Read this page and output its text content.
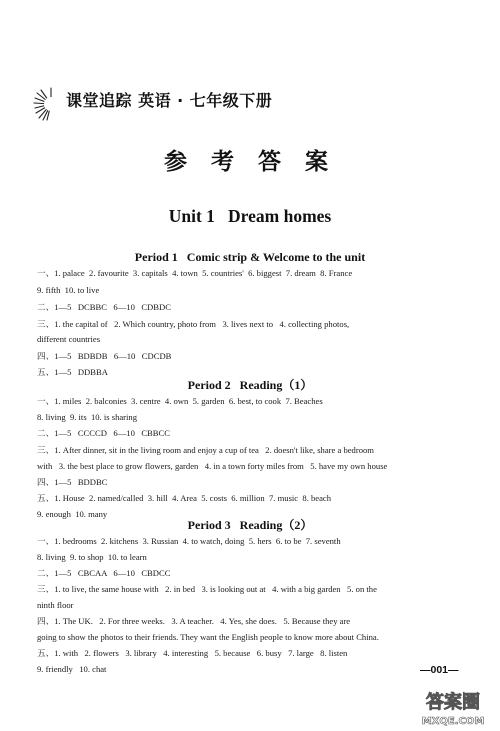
课堂追踪 英语 · 七年级下册
参 考 答 案
Unit 1   Dream homes
Period 1   Comic strip & Welcome to the unit
一、1. palace  2. favourite  3. capitals  4. town  5. countries'  6. biggest  7. dream  8. France
9. fifth  10. to live
二、1—5   DCBBC   6—10   CDBDC
三、1. the capital of   2. Which country, photo from   3. lives next to   4. collecting photos,
different countries
四、1—5   BDBDB   6—10   CDCDB
五、1—5   DDBBA
Period 2   Reading（1）
一、1. miles  2. balconies  3. centre  4. own  5. garden  6. best, to cook  7. Beaches
8. living  9. its  10. is sharing
二、1—5   CCCCD   6—10   CBBCC
三、1. After dinner, sit in the living room and enjoy a cup of tea   2. doesn't like, share a bedroom
with   3. the best place to grow flowers, garden   4. in a town forty miles from   5. have my own house
四、1—5   BDDBC
五、1. House  2. named/called  3. hill  4. Area  5. costs  6. million  7. music  8. beach
9. enough  10. many
Period 3   Reading（2）
一、1. bedrooms  2. kitchens  3. Russian  4. to watch, doing  5. hers  6. to be  7. seventh
8. living  9. to shop  10. to learn
二、1—5   CBCAA   6—10   CBDCC
三、1. to live, the same house with   2. in bed   3. is looking out at   4. with a big garden   5. on the
ninth floor
四、1. The UK.   2. For three weeks.   3. A teacher.   4. Yes, she does.   5. Because they are
going to show the photos to their friends. They want the English people to know more about China.
五、1. with   2. flowers   3. library   4. interesting   5. because   6. busy   7. large   8. listen
9. friendly   10. chat	—001—
答案圈
MXQE.COM
